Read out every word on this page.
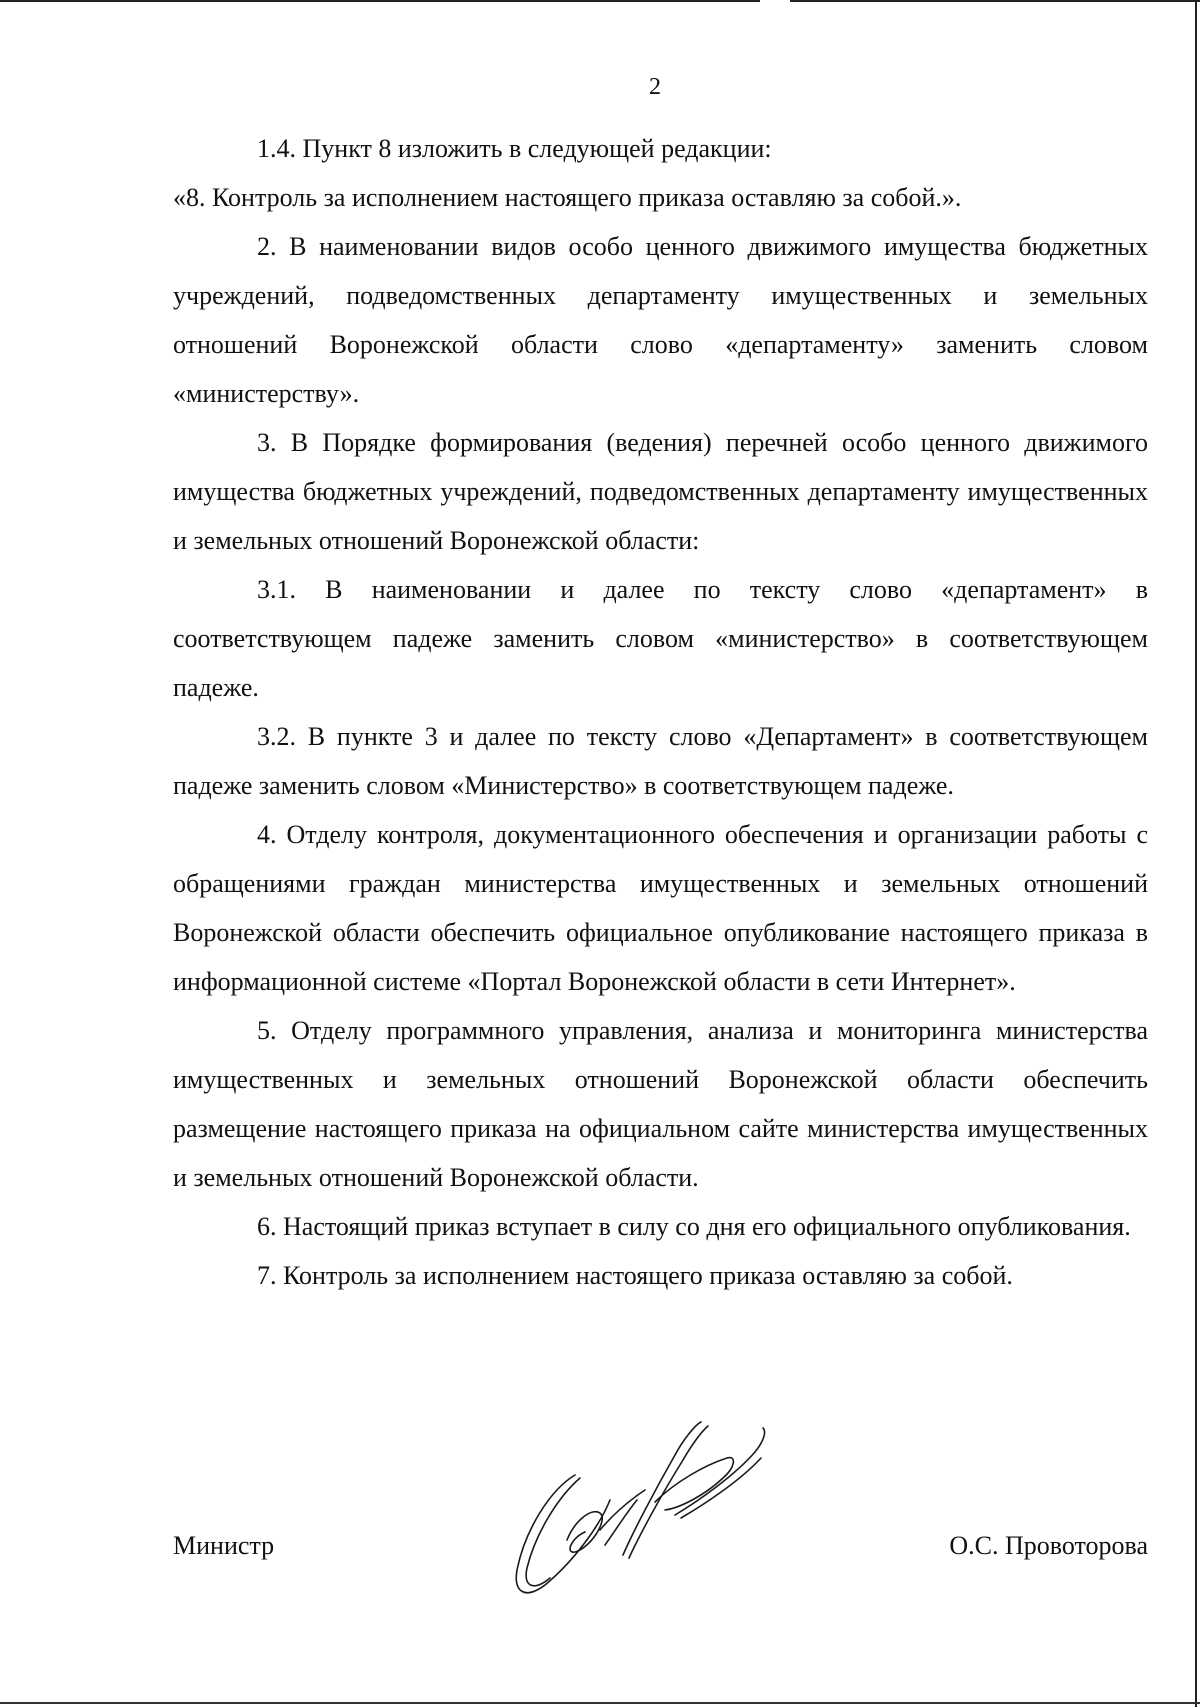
2

1.4. Пункт 8 изложить в следующей редакции:

«8. Контроль за исполнением настоящего приказа оставляю за собой.».

2. В наименовании видов особо ценного движимого имущества бюджетных учреждений, подведомственных департаменту имущественных и земельных отношений Воронежской области слово «департаменту» заменить словом «министерству».

3. В Порядке формирования (ведения) перечней особо ценного движимого имущества бюджетных учреждений, подведомственных департаменту имущественных и земельных отношений Воронежской области:

3.1. В наименовании и далее по тексту слово «департамент» в соответствующем падеже заменить словом «министерство» в соответствующем падеже.

3.2. В пункте 3 и далее по тексту слово «Департамент» в соответствующем падеже заменить словом «Министерство» в соответствующем падеже.

4. Отделу контроля, документационного обеспечения и организации работы с обращениями граждан министерства имущественных и земельных отношений Воронежской области обеспечить официальное опубликование настоящего приказа в информационной системе «Портал Воронежской области в сети Интернет».

5. Отделу программного управления, анализа и мониторинга министерства имущественных и земельных отношений Воронежской области обеспечить размещение настоящего приказа на официальном сайте министерства имущественных и земельных отношений Воронежской области.

6. Настоящий приказ вступает в силу со дня его официального опубликования.

7. Контроль за исполнением настоящего приказа оставляю за собой.

Министр	О.С. Провоторова
